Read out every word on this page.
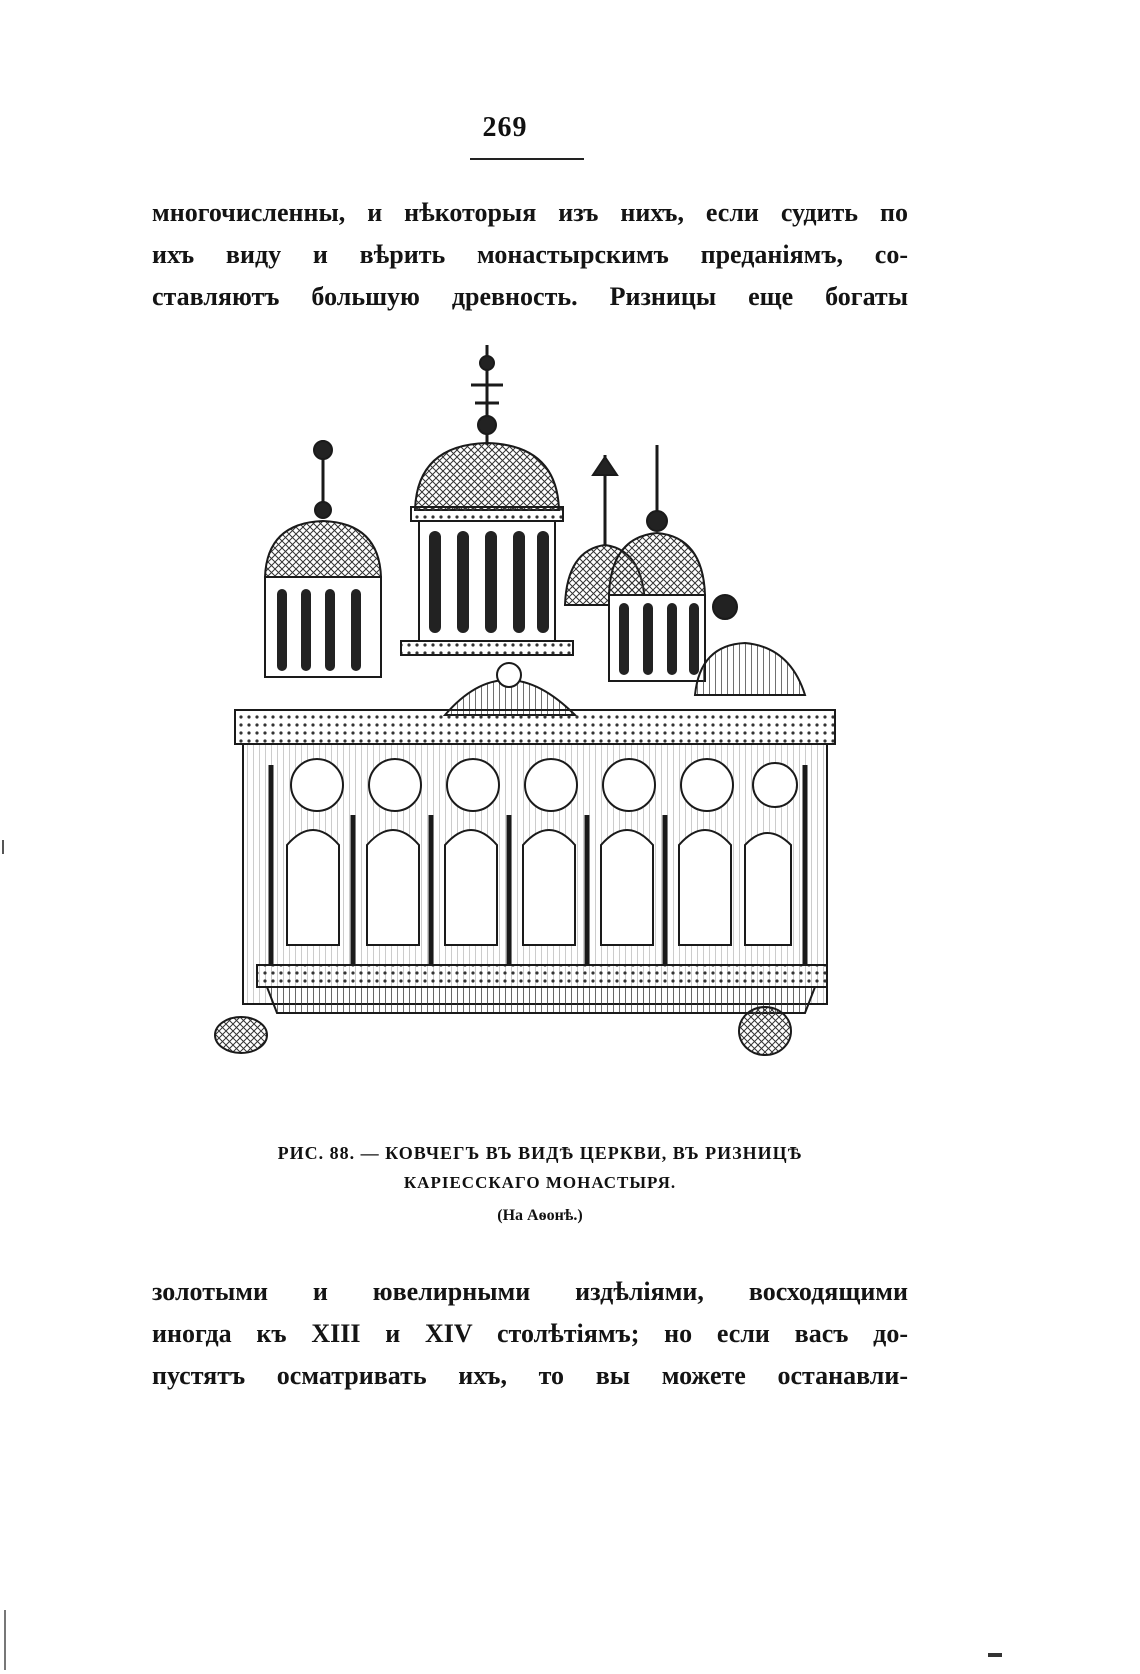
269
многочисленны, и нѣкоторыя изъ нихъ, если судить по
ихъ виду и вѣрить монастырскимъ преданіямъ, со-
ставляютъ большую древность. Ризницы еще богаты
РИС. 88. — КОВЧЕГЪ ВЪ ВИДѢ ЦЕРКВИ, ВЪ РИЗНИЦѢ
КАРІЕССКАГО МОНАСТЫРЯ.
(На Аѳонѣ.)
золотыми и ювелирными издѣліями, восходящими
иногда къ XIII и XIV столѣтіямъ; но если васъ до-
пустятъ осматривать ихъ, то вы можете останавли-
